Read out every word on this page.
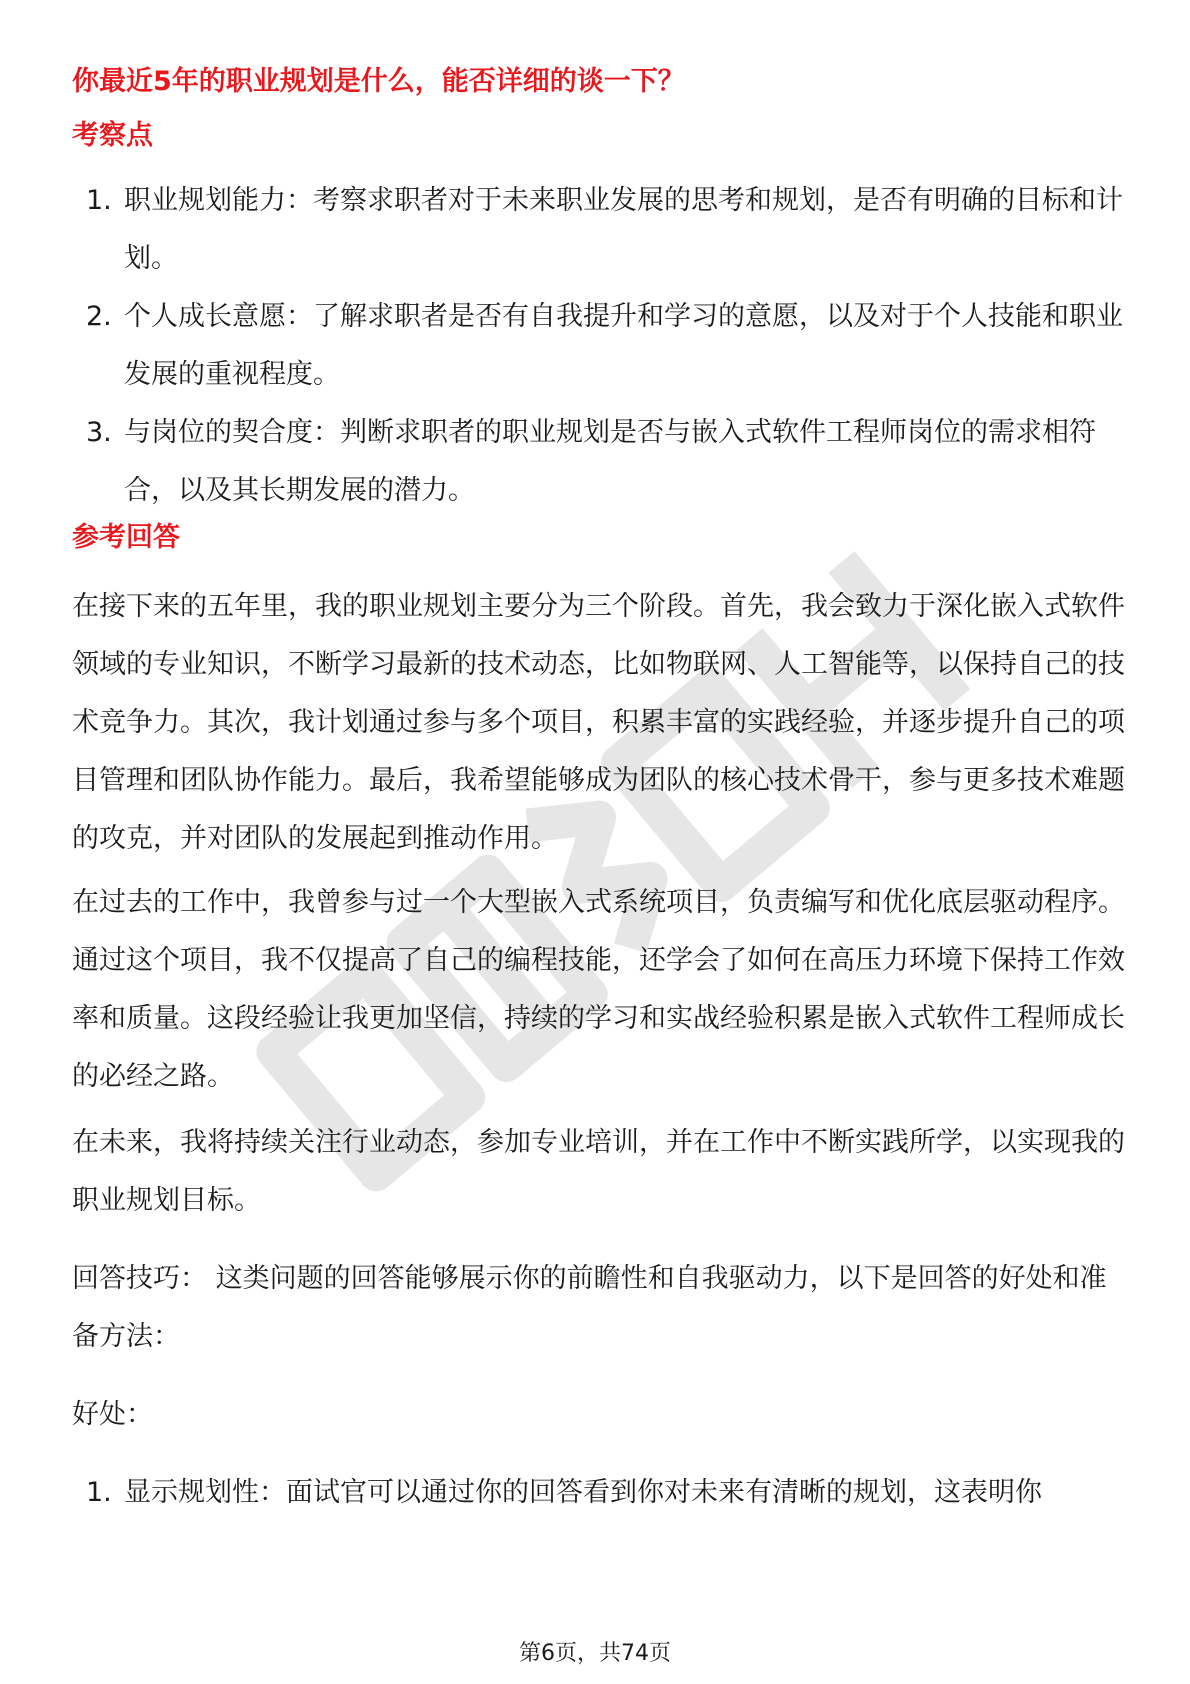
你最近5年的职业规划是什么，能否详细的谈一下？
考察点
1. 职业规划能力：考察求职者对于未来职业发展的思考和规划，是否有明确的目标和计划。
2. 个人成长意愿：了解求职者是否有自我提升和学习的意愿，以及对于个人技能和职业发展的重视程度。
3. 与岗位的契合度：判断求职者的职业规划是否与嵌入式软件工程师岗位的需求相符合，以及其长期发展的潜力。
参考回答

在接下来的五年里，我的职业规划主要分为三个阶段。首先，我会致力于深化嵌入式软件领域的专业知识，不断学习最新的技术动态，比如物联网、人工智能等，以保持自己的技术竞争力。其次，我计划通过参与多个项目，积累丰富的实践经验，并逐步提升自己的项目管理和团队协作能力。最后，我希望能够成为团队的核心技术骨干，参与更多技术难题的攻克，并对团队的发展起到推动作用。

在过去的工作中，我曾参与过一个大型嵌入式系统项目，负责编写和优化底层驱动程序。通过这个项目，我不仅提高了自己的编程技能，还学会了如何在高压力环境下保持工作效率和质量。这段经验让我更加坚信，持续的学习和实战经验积累是嵌入式软件工程师成长的必经之路。

在未来，我将持续关注行业动态，参加专业培训，并在工作中不断实践所学，以实现我的职业规划目标。

回答技巧： 这类问题的回答能够展示你的前瞻性和自我驱动力，以下是回答的好处和准备方法：

好处：

1. 显示规划性：面试官可以通过你的回答看到你对未来有清晰的规划，这表明你
第6页，共74页
